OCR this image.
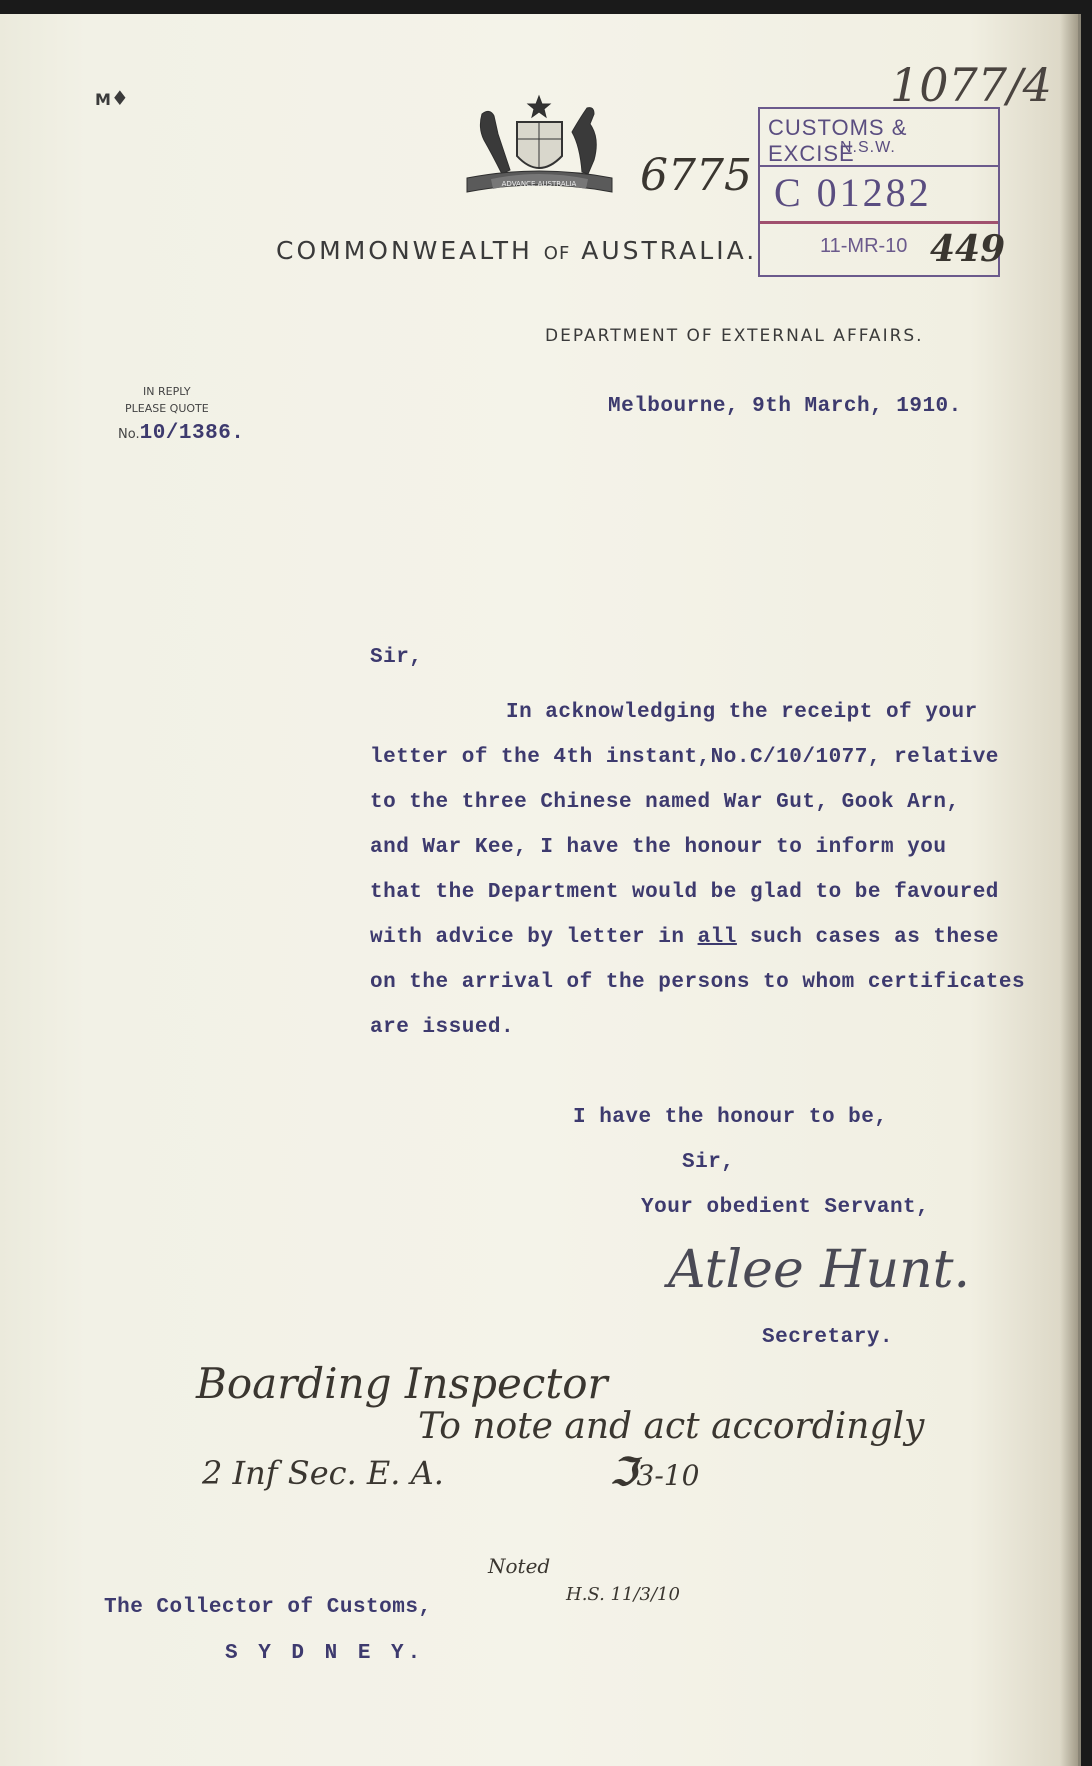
M♦
ADVANCE AUSTRALIA
1077/4
6775
CUSTOMS & EXCISE
N.S.W.
C 01282
11-MR-10 449
COMMONWEALTH OF AUSTRALIA.
DEPARTMENT OF EXTERNAL AFFAIRS.
IN REPLY
PLEASE QUOTE
No.10/1386.
Melbourne, 9th March, 1910.
Sir,
In acknowledging the receipt of your
letter of the 4th instant,No.C/10/1077, relative
to the three Chinese named War Gut, Gook Arn,
and War Kee, I have the honour to inform you
that the Department would be glad to be favoured
with advice by letter in all such cases as these
on the arrival of the persons to whom certificates
are issued.
I have the honour to be,
Sir,
Your obedient Servant,
Atlee Hunt.
Secretary.
Boarding Inspector
To note and act accordingly
2 Inf Sec. E. A.	ℑ3-10
Noted
H.S. 11/3/10
The Collector of Customs,
S Y D N E Y.
